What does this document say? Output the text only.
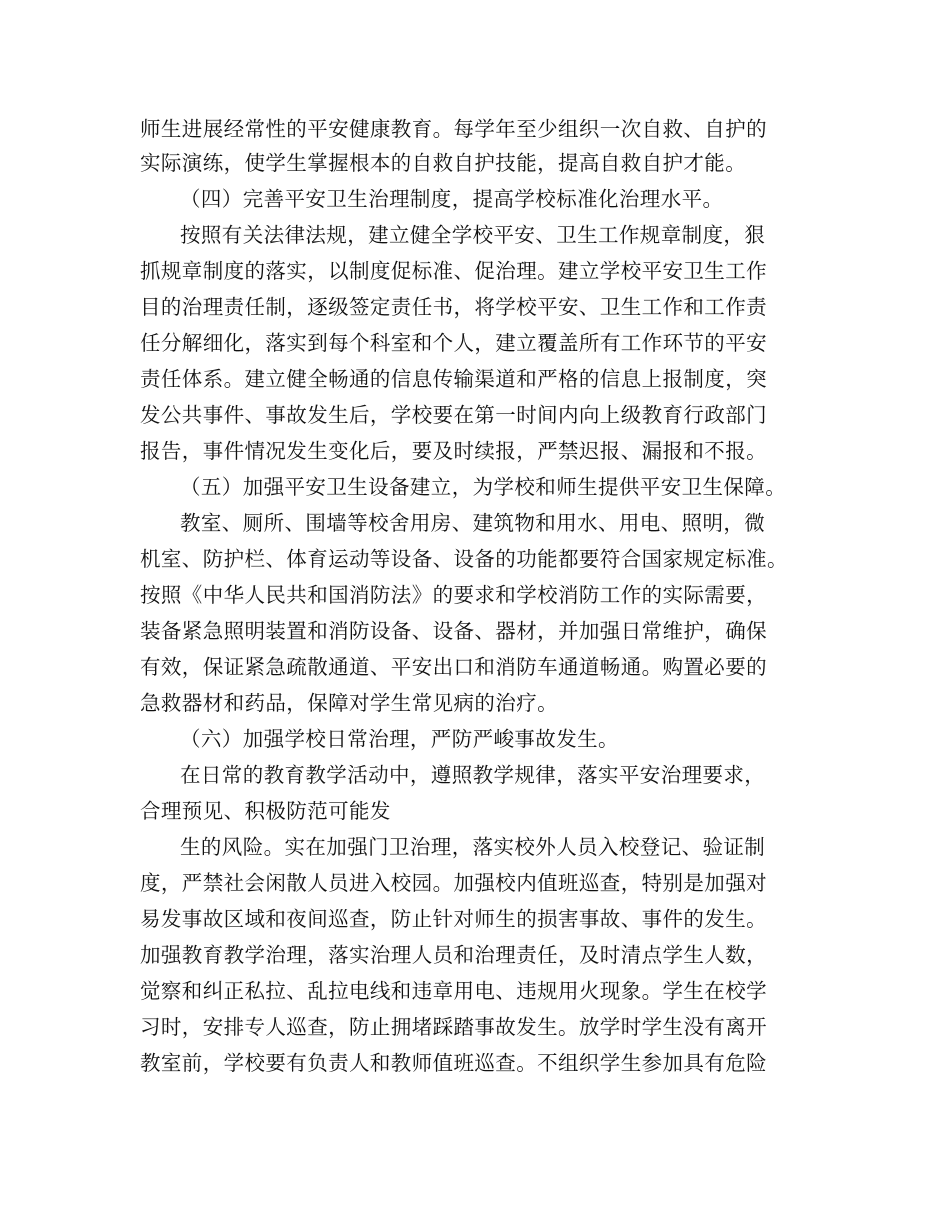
师生进展经常性的平安健康教育。每学年至少组织一次自救、自护的

实际演练，使学生掌握根本的自救自护技能，提高自救自护才能。

（四）完善平安卫生治理制度，提高学校标准化治理水平。

按照有关法律法规，建立健全学校平安、卫生工作规章制度，狠

抓规章制度的落实，以制度促标准、促治理。建立学校平安卫生工作

目的治理责任制，逐级签定责任书，将学校平安、卫生工作和工作责

任分解细化，落实到每个科室和个人，建立覆盖所有工作环节的平安

责任体系。建立健全畅通的信息传输渠道和严格的信息上报制度，突

发公共事件、事故发生后，学校要在第一时间内向上级教育行政部门

报告，事件情况发生变化后，要及时续报，严禁迟报、漏报和不报。

（五）加强平安卫生设备建立，为学校和师生提供平安卫生保障。

教室、厕所、围墙等校舍用房、建筑物和用水、用电、照明，微

机室、防护栏、体育运动等设备、设备的功能都要符合国家规定标准。

按照《中华人民共和国消防法》的要求和学校消防工作的实际需要，

装备紧急照明装置和消防设备、设备、器材，并加强日常维护，确保

有效，保证紧急疏散通道、平安出口和消防车通道畅通。购置必要的

急救器材和药品，保障对学生常见病的治疗。

（六）加强学校日常治理，严防严峻事故发生。

在日常的教育教学活动中，遵照教学规律，落实平安治理要求，

合理预见、积极防范可能发

生的风险。实在加强门卫治理，落实校外人员入校登记、验证制

度，严禁社会闲散人员进入校园。加强校内值班巡查，特别是加强对

易发事故区域和夜间巡查，防止针对师生的损害事故、事件的发生。

加强教育教学治理，落实治理人员和治理责任，及时清点学生人数，

觉察和纠正私拉、乱拉电线和违章用电、违规用火现象。学生在校学

习时，安排专人巡查，防止拥堵踩踏事故发生。放学时学生没有离开

教室前，学校要有负责人和教师值班巡查。不组织学生参加具有危险
